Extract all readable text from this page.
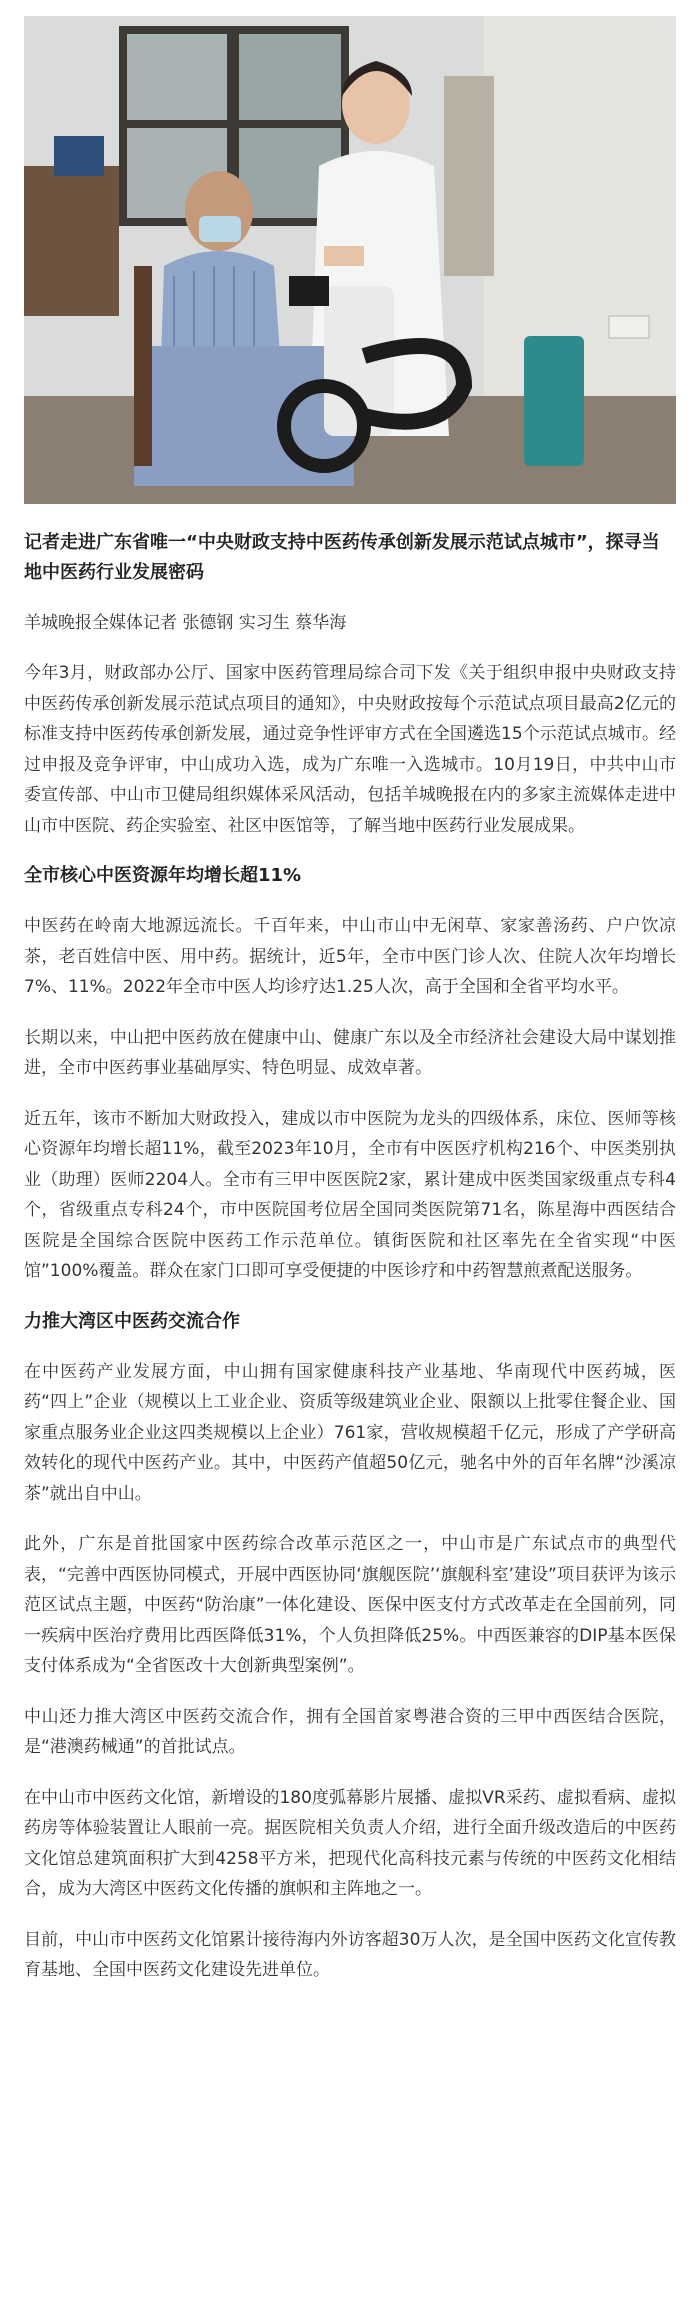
记者走进广东省唯一“中央财政支持中医药传承创新发展示范试点城市”，探寻当地中医药行业发展密码

羊城晚报全媒体记者 张德钢 实习生 蔡华海

今年3月，财政部办公厅、国家中医药管理局综合司下发《关于组织申报中央财政支持中医药传承创新发展示范试点项目的通知》，中央财政按每个示范试点项目最高2亿元的标准支持中医药传承创新发展，通过竞争性评审方式在全国遴选15个示范试点城市。经过申报及竞争评审，中山成功入选，成为广东唯一入选城市。10月19日，中共中山市委宣传部、中山市卫健局组织媒体采风活动，包括羊城晚报在内的多家主流媒体走进中山市中医院、药企实验室、社区中医馆等，了解当地中医药行业发展成果。

全市核心中医资源年均增长超11%

中医药在岭南大地源远流长。千百年来，中山市山中无闲草、家家善汤药、户户饮凉茶，老百姓信中医、用中药。据统计，近5年，全市中医门诊人次、住院人次年均增长7%、11%。2022年全市中医人均诊疗达1.25人次，高于全国和全省平均水平。

长期以来，中山把中医药放在健康中山、健康广东以及全市经济社会建设大局中谋划推进，全市中医药事业基础厚实、特色明显、成效卓著。

近五年，该市不断加大财政投入，建成以市中医院为龙头的四级体系，床位、医师等核心资源年均增长超11%，截至2023年10月，全市有中医医疗机构216个、中医类别执业（助理）医师2204人。全市有三甲中医医院2家，累计建成中医类国家级重点专科4个，省级重点专科24个，市中医院国考位居全国同类医院第71名，陈星海中西医结合医院是全国综合医院中医药工作示范单位。镇街医院和社区率先在全省实现“中医馆”100%覆盖。群众在家门口即可享受便捷的中医诊疗和中药智慧煎煮配送服务。

力推大湾区中医药交流合作

在中医药产业发展方面，中山拥有国家健康科技产业基地、华南现代中医药城，医药“四上”企业（规模以上工业企业、资质等级建筑业企业、限额以上批零住餐企业、国家重点服务业企业这四类规模以上企业）761家，营收规模超千亿元，形成了产学研高效转化的现代中医药产业。其中，中医药产值超50亿元，驰名中外的百年名牌“沙溪凉茶”就出自中山。

此外，广东是首批国家中医药综合改革示范区之一，中山市是广东试点市的典型代表，“完善中西医协同模式，开展中西医协同‘旗舰医院’‘旗舰科室’建设”项目获评为该示范区试点主题，中医药“防治康”一体化建设、医保中医支付方式改革走在全国前列，同一疾病中医治疗费用比西医降低31%，个人负担降低25%。中西医兼容的DIP基本医保支付体系成为“全省医改十大创新典型案例”。

中山还力推大湾区中医药交流合作，拥有全国首家粤港合资的三甲中西医结合医院，是“港澳药械通”的首批试点。

在中山市中医药文化馆，新增设的180度弧幕影片展播、虚拟VR采药、虚拟看病、虚拟药房等体验装置让人眼前一亮。据医院相关负责人介绍，进行全面升级改造后的中医药文化馆总建筑面积扩大到4258平方米，把现代化高科技元素与传统的中医药文化相结合，成为大湾区中医药文化传播的旗帜和主阵地之一。

目前，中山市中医药文化馆累计接待海内外访客超30万人次，是全国中医药文化宣传教育基地、全国中医药文化建设先进单位。
